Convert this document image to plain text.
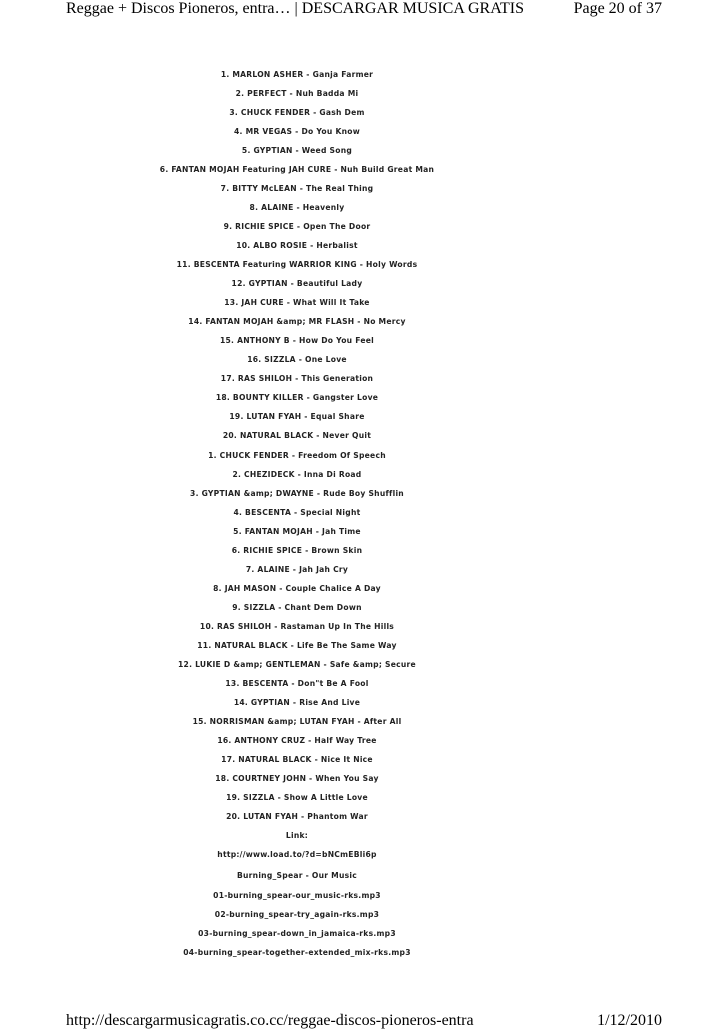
Reggae + Discos Pioneros, entra… | DESCARGAR MUSICA GRATIS	Page 20 of 37
1. MARLON ASHER - Ganja Farmer
2. PERFECT - Nuh Badda Mi
3. CHUCK FENDER - Gash Dem
4. MR VEGAS - Do You Know
5. GYPTIAN - Weed Song
6. FANTAN MOJAH Featuring JAH CURE - Nuh Build Great Man
7. BITTY McLEAN - The Real Thing
8. ALAINE - Heavenly
9. RICHIE SPICE - Open The Door
10. ALBO ROSIE - Herbalist
11. BESCENTA Featuring WARRIOR KING - Holy Words
12. GYPTIAN - Beautiful Lady
13. JAH CURE - What Will It Take
14. FANTAN MOJAH &amp; MR FLASH - No Mercy
15. ANTHONY B - How Do You Feel
16. SIZZLA - One Love
17. RAS SHILOH - This Generation
18. BOUNTY KILLER - Gangster Love
19. LUTAN FYAH - Equal Share
20. NATURAL BLACK - Never Quit
1. CHUCK FENDER - Freedom Of Speech
2. CHEZIDECK - Inna Di Road
3. GYPTIAN &amp; DWAYNE - Rude Boy Shufflin
4. BESCENTA - Special Night
5. FANTAN MOJAH - Jah Time
6. RICHIE SPICE - Brown Skin
7. ALAINE - Jah Jah Cry
8. JAH MASON - Couple Chalice A Day
9. SIZZLA - Chant Dem Down
10. RAS SHILOH - Rastaman Up In The Hills
11. NATURAL BLACK - Life Be The Same Way
12. LUKIE D &amp; GENTLEMAN - Safe &amp; Secure
13. BESCENTA - Don"t Be A Fool
14. GYPTIAN - Rise And Live
15. NORRISMAN &amp; LUTAN FYAH - After All
16. ANTHONY CRUZ - Half Way Tree
17. NATURAL BLACK - Nice It Nice
18. COURTNEY JOHN - When You Say
19. SIZZLA - Show A Little Love
20. LUTAN FYAH - Phantom War
Link:
http://www.load.to/?d=bNCmEBli6p
Burning_Spear - Our Music
01-burning_spear-our_music-rks.mp3
02-burning_spear-try_again-rks.mp3
03-burning_spear-down_in_jamaica-rks.mp3
04-burning_spear-together-extended_mix-rks.mp3
http://descargarmusicagratis.co.cc/reggae-discos-pioneros-entra	1/12/2010
